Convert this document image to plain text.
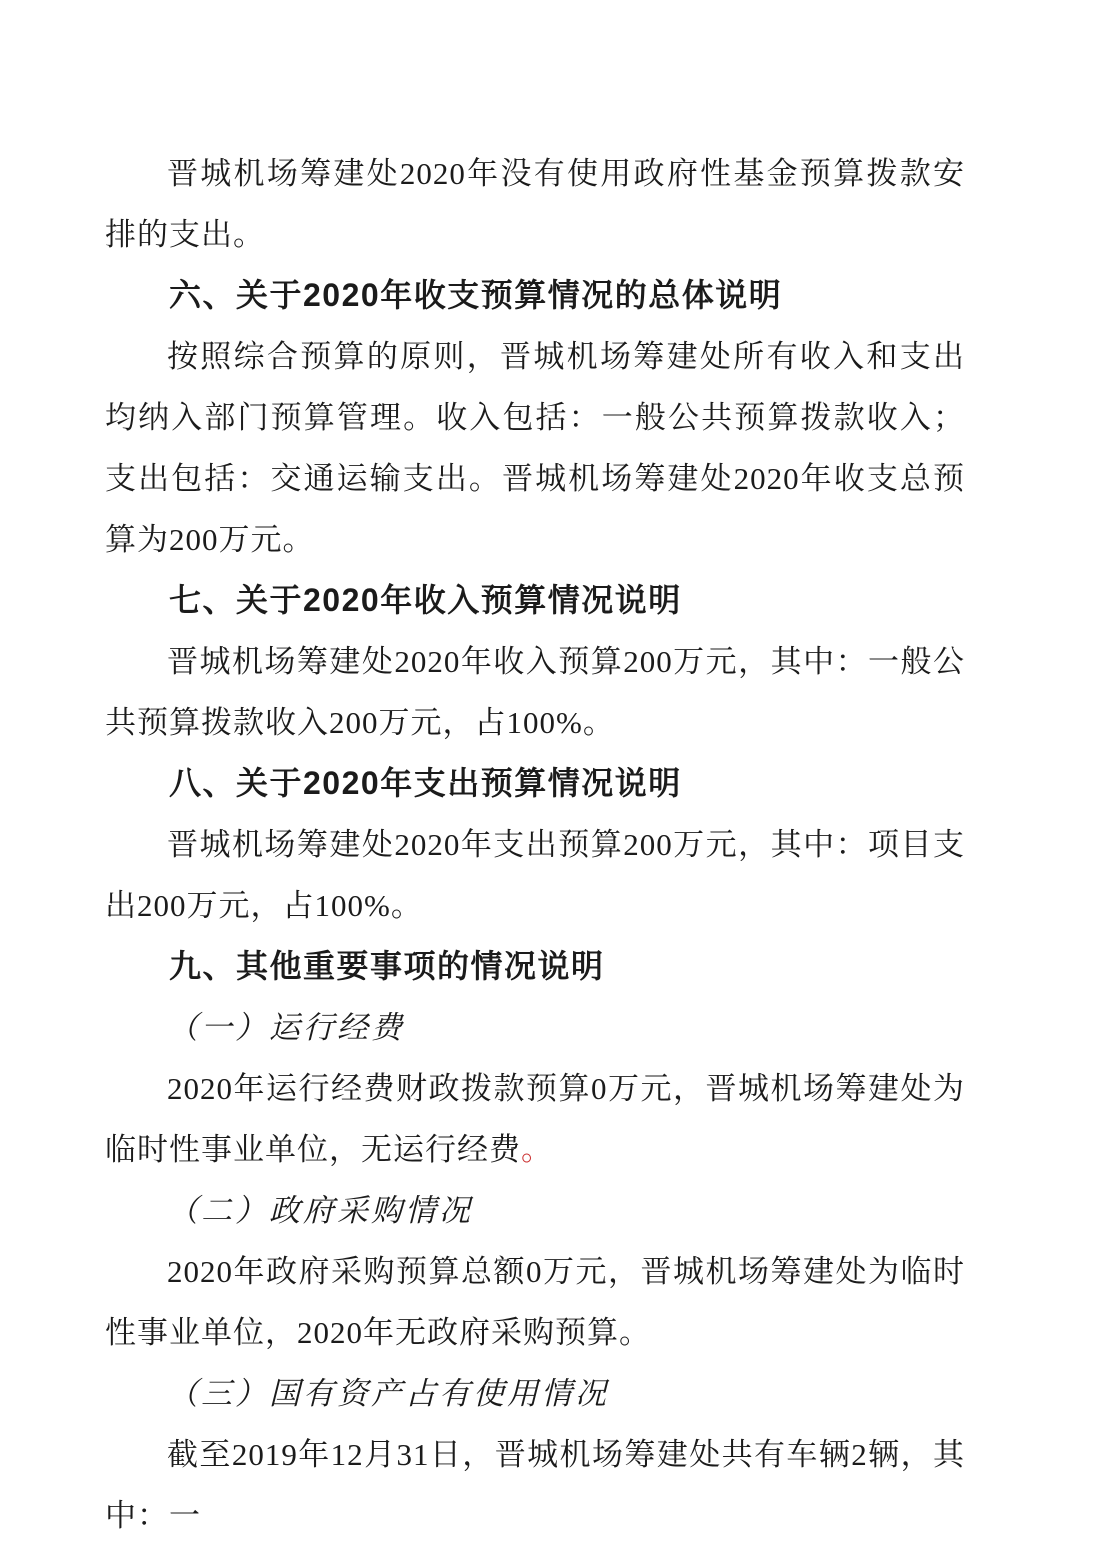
晋城机场筹建处2020年没有使用政府性基金预算拨款安排的支出。

六、关于2020年收支预算情况的总体说明

按照综合预算的原则，晋城机场筹建处所有收入和支出均纳入部门预算管理。收入包括：一般公共预算拨款收入；支出包括：交通运输支出。晋城机场筹建处2020年收支总预算为200万元。

七、关于2020年收入预算情况说明

晋城机场筹建处2020年收入预算200万元，其中：一般公共预算拨款收入200万元，占100%。

八、关于2020年支出预算情况说明

晋城机场筹建处2020年支出预算200万元，其中：项目支出200万元，占100%。

九、其他重要事项的情况说明

（一）运行经费

2020年运行经费财政拨款预算0万元，晋城机场筹建处为临时性事业单位，无运行经费。

（二）政府采购情况

2020年政府采购预算总额0万元，晋城机场筹建处为临时性事业单位，2020年无政府采购预算。

（三）国有资产占有使用情况

截至2019年12月31日，晋城机场筹建处共有车辆2辆，其中：一
